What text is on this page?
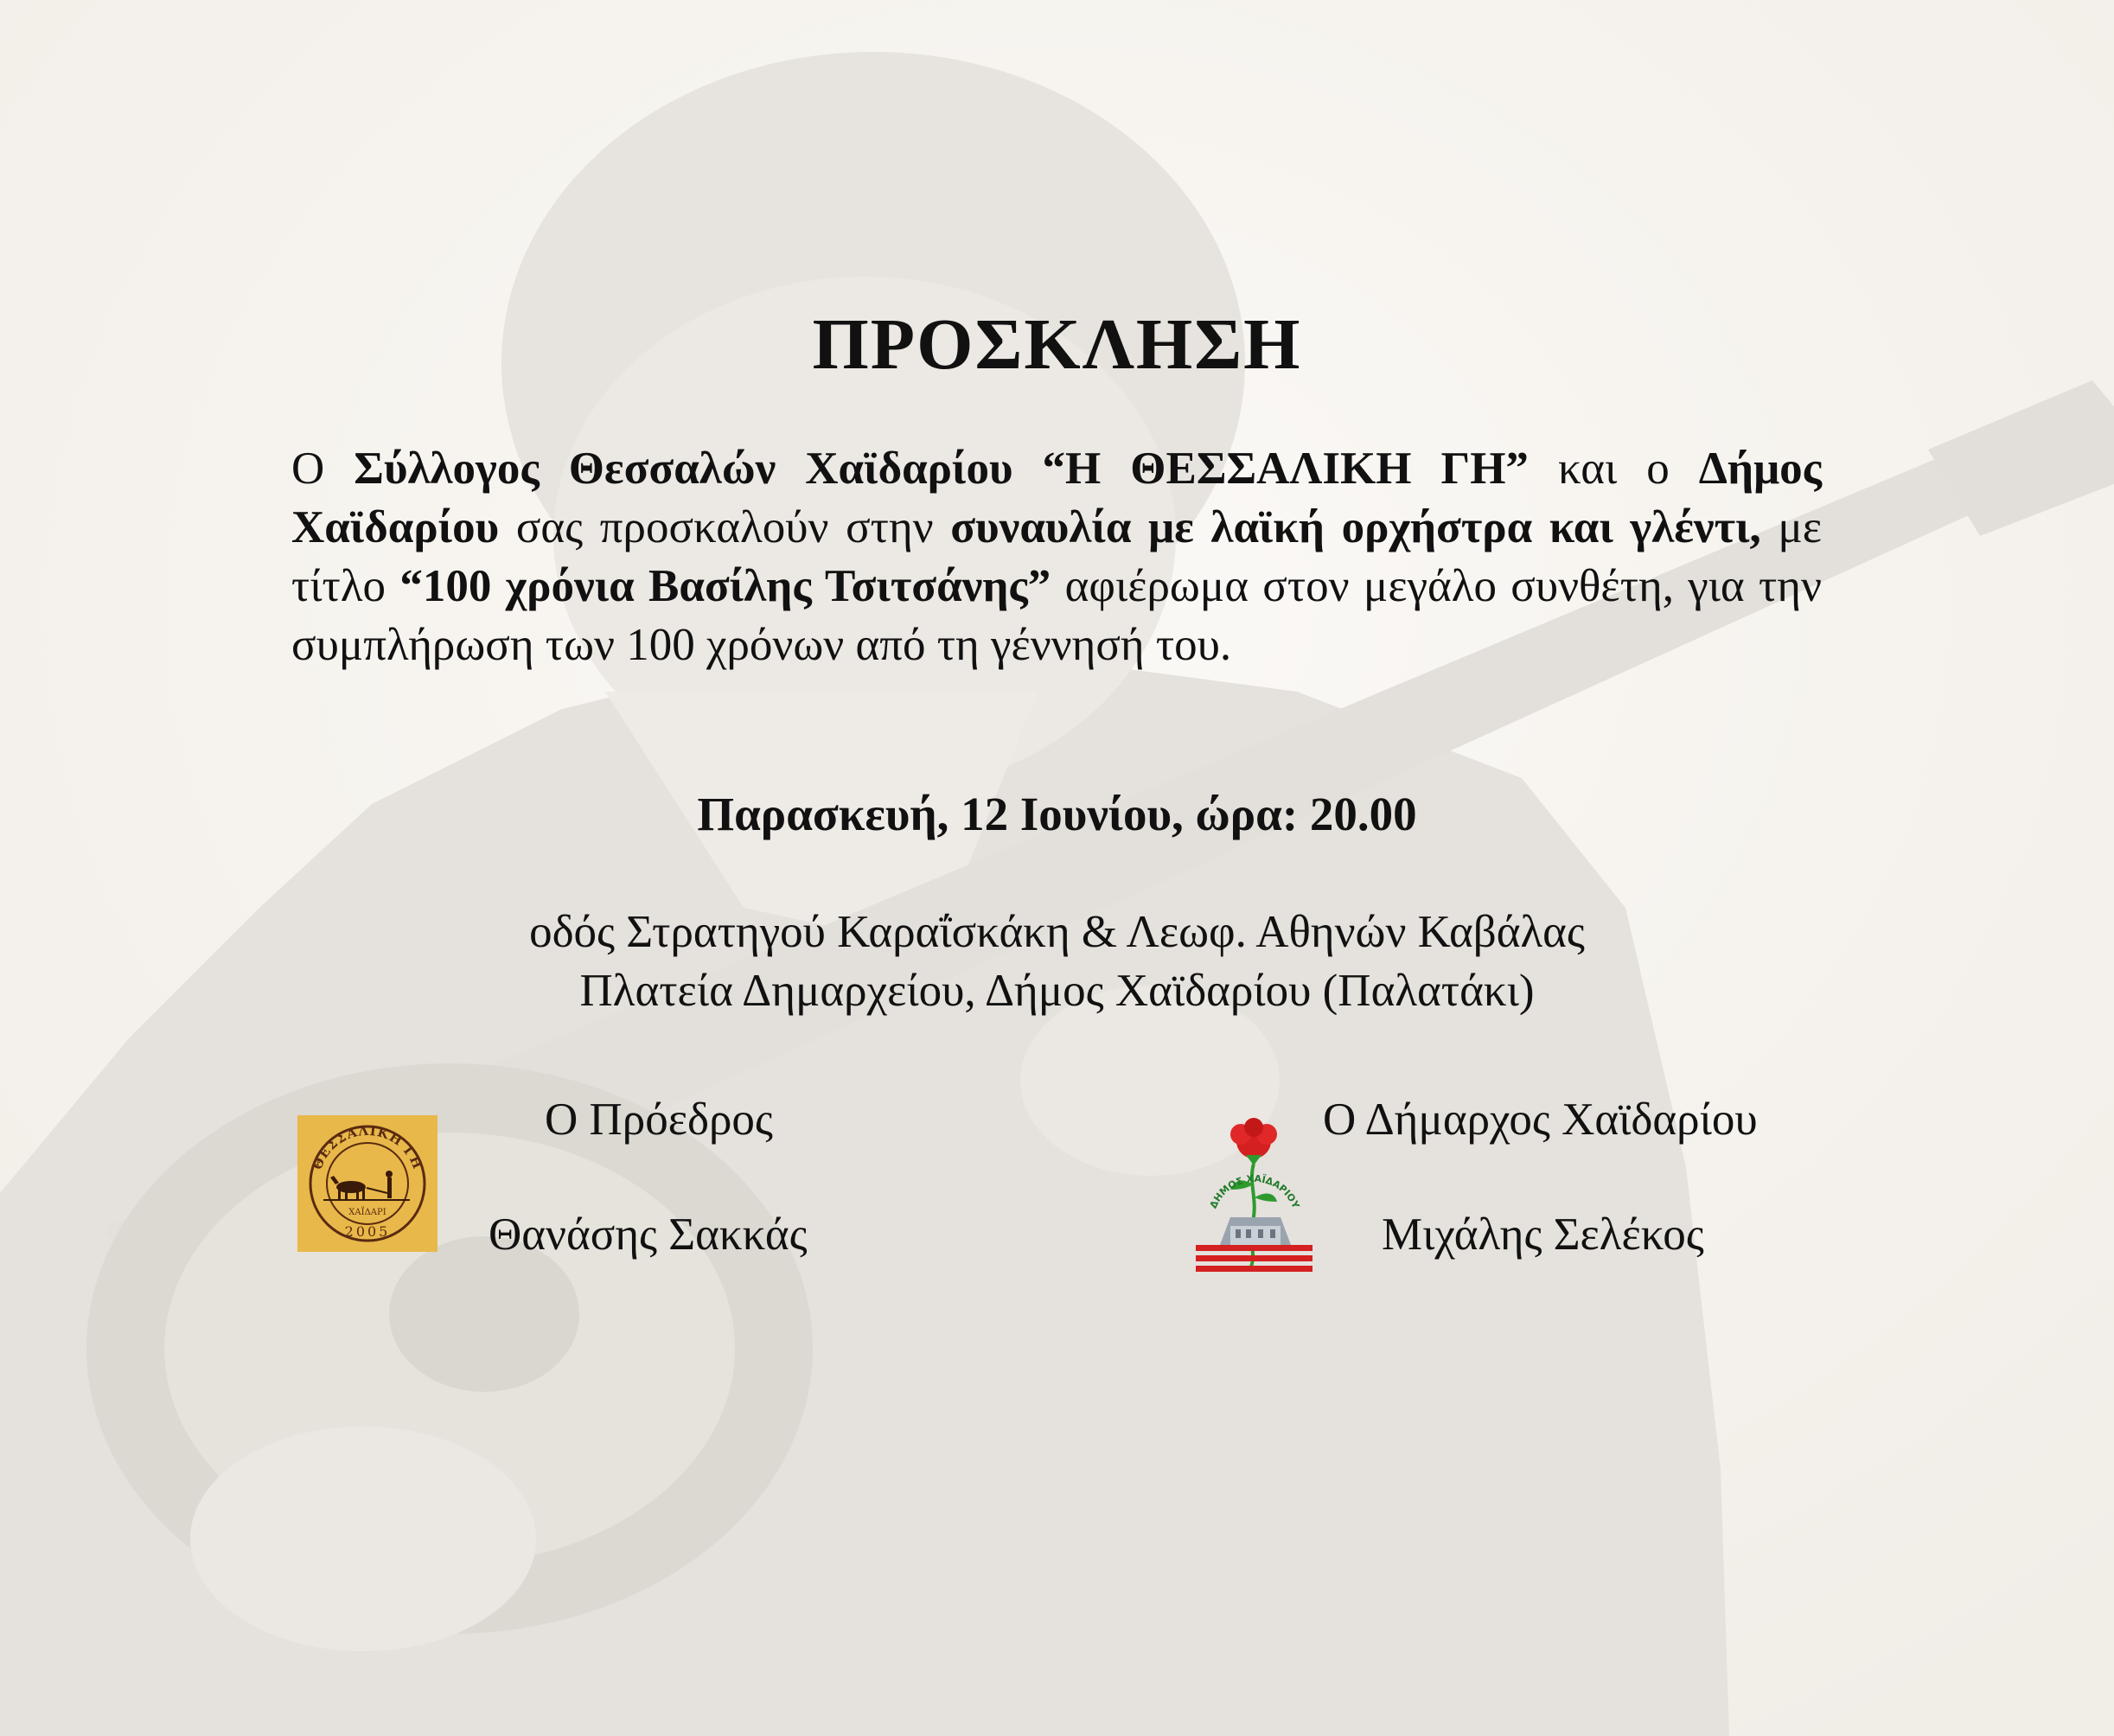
ΠΡΟΣΚΛΗΣΗ

Ο Σύλλογος Θεσσαλών Χαϊδαρίου “Η ΘΕΣΣΑΛΙΚΗ ΓΗ” και ο Δήμος Χαϊδαρίου σας προσκαλούν στην συναυλία με λαϊκή ορχήστρα και γλέντι, με τίτλο “100 χρόνια Βασίλης Τσιτσάνης” αφιέρωμα στον μεγάλο συνθέτη, για την συμπλήρωση των 100 χρόνων από τη γέννησή του.

Παρασκευή, 12 Ιουνίου, ώρα: 20.00

οδός Στρατηγού Καραΐσκάκη & Λεωφ. Αθηνών Καβάλας

Πλατεία Δημαρχείου, Δήμος Χαϊδαρίου (Παλατάκι)

ΘΕΣΣΑΛΙΚΗ ΓΗ
ΧΑΪΔΑΡΙ
2005
ΔΗΜΟΣ ΧΑΪΔΑΡΙΟΥ

Ο Πρόεδρος

Θανάσης Σακκάς

Ο Δήμαρχος Χαϊδαρίου

Μιχάλης Σελέκος
